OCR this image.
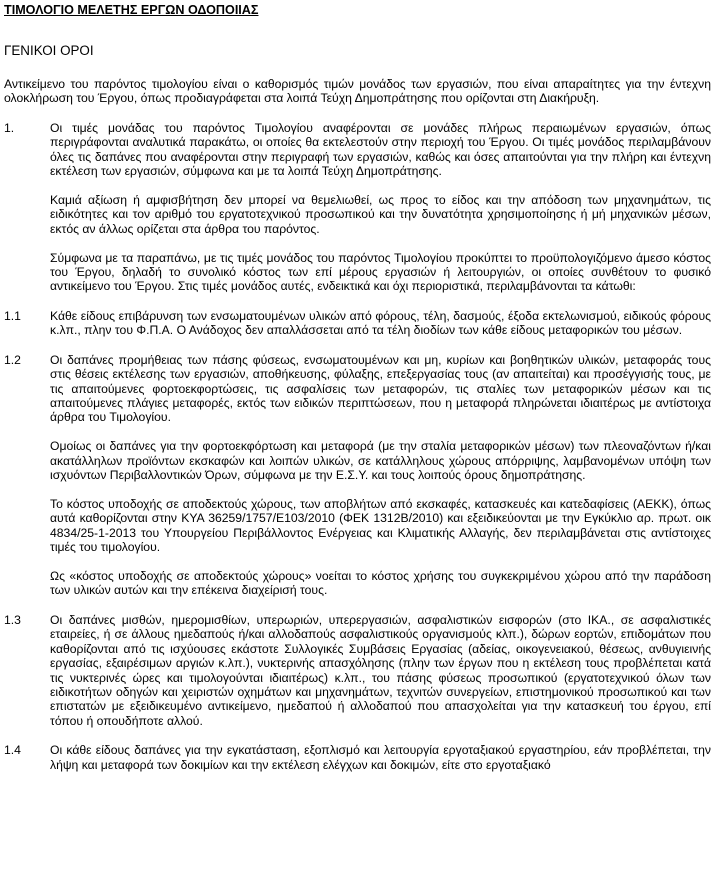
ΤΙΜΟΛΟΓΙΟ ΜΕΛΕΤΗΣ ΕΡΓΩΝ ΟΔΟΠΟΙΙΑΣ

ΓΕΝΙΚΟΙ ΟΡΟΙ

Αντικείμενο του παρόντος τιμολογίου είναι ο καθορισμός τιμών μονάδος των εργασιών, που είναι απαραίτητες για την έντεχνη ολοκλήρωση του Έργου, όπως προδιαγράφεται στα λοιπά Τεύχη Δημοπράτησης που ορίζονται στη Διακήρυξη.

1.	Οι τιμές μονάδας του παρόντος Τιμολογίου αναφέρονται σε μονάδες πλήρως περαιωμένων εργασιών, όπως περιγράφονται αναλυτικά παρακάτω, οι οποίες θα εκτελεστούν στην περιοχή του Έργου. Οι τιμές μονάδος περιλαμβάνουν όλες τις δαπάνες που αναφέρονται στην περιγραφή των εργασιών, καθώς και όσες απαιτούνται για την πλήρη και έντεχνη εκτέλεση των εργασιών, σύμφωνα και με τα λοιπά Τεύχη Δημοπράτησης.

Καμιά αξίωση ή αμφισβήτηση δεν μπορεί να θεμελιωθεί, ως προς το είδος και την απόδοση των μηχανημάτων, τις ειδικότητες και τον αριθμό του εργατοτεχνικού προσωπικού και την δυνατότητα χρησιμοποίησης ή μή μηχανικών μέσων, εκτός αν άλλως ορίζεται στα άρθρα του παρόντος.

Σύμφωνα με τα παραπάνω, με τις τιμές μονάδος του παρόντος Τιμολογίου προκύπτει το προϋπολογιζόμενο άμεσο κόστος του Έργου, δηλαδή το συνολικό κόστος των επί μέρους εργασιών ή λειτουργιών, οι οποίες συνθέτουν το φυσικό αντικείμενο του Έργου. Στις τιμές μονάδος αυτές, ενδεικτικά και όχι περιοριστικά, περιλαμβάνονται τα κάτωθι:

1.1	Κάθε είδους επιβάρυνση των ενσωματουμένων υλικών από φόρους, τέλη, δασμούς, έξοδα εκτελωνισμού, ειδικούς φόρους κ.λπ., πλην του Φ.Π.Α. Ο Ανάδοχος δεν απαλλάσσεται από τα τέλη διοδίων των κάθε είδους μεταφορικών του μέσων.

1.2	Οι δαπάνες προμήθειας των πάσης φύσεως, ενσωματουμένων και μη, κυρίων και βοηθητικών υλικών, μεταφοράς τους στις θέσεις εκτέλεσης των εργασιών, αποθήκευσης, φύλαξης, επεξεργασίας τους (αν απαιτείται) και προσέγγισής τους, με τις απαιτούμενες φορτοεκφορτώσεις, τις ασφαλίσεις των μεταφορών, τις σταλίες των μεταφορικών μέσων και τις απαιτούμενες πλάγιες μεταφορές, εκτός των ειδικών περιπτώσεων, που η μεταφορά πληρώνεται ιδιαιτέρως με αντίστοιχα άρθρα του Τιμολογίου.

Ομοίως οι δαπάνες για την φορτοεκφόρτωση και μεταφορά (με την σταλία μεταφορικών μέσων) των πλεοναζόντων ή/και ακατάλληλων προϊόντων εκσκαφών και λοιπών υλικών, σε κατάλληλους χώρους απόρριψης, λαμβανομένων υπόψη των ισχυόντων Περιβαλλοντικών Όρων, σύμφωνα με την Ε.Σ.Υ. και τους λοιπούς όρους δημοπράτησης.

Το κόστος υποδοχής σε αποδεκτούς χώρους, των αποβλήτων από εκσκαφές, κατασκευές και κατεδαφίσεις (ΑΕΚΚ), όπως αυτά καθορίζονται στην ΚΥΑ 36259/1757/Ε103/2010 (ΦΕΚ 1312Β/2010) και εξειδικεύονται με την Εγκύκλιο αρ. πρωτ. οικ 4834/25-1-2013 του Υπουργείου Περιβάλλοντος Ενέργειας και Κλιματικής Αλλαγής, δεν περιλαμβάνεται στις αντίστοιχες τιμές του τιμολογίου.

Ως «κόστος υποδοχής σε αποδεκτούς χώρους» νοείται το κόστος χρήσης του συγκεκριμένου χώρου από την παράδοση των υλικών αυτών και την επέκεινα διαχείρισή τους.

1.3	Οι δαπάνες μισθών, ημερομισθίων, υπερωριών, υπερεργασιών, ασφαλιστικών εισφορών (στο ΙΚΑ., σε ασφαλιστικές εταιρείες, ή σε άλλους ημεδαπούς ή/και αλλοδαπούς ασφαλιστικούς οργανισμούς κλπ.), δώρων εορτών, επιδομάτων που καθορίζονται από τις ισχύουσες εκάστοτε Συλλογικές Συμβάσεις Εργασίας (αδείας, οικογενειακού, θέσεως, ανθυγιεινής εργασίας, εξαιρέσιμων αργιών κ.λπ.), νυκτερινής απασχόλησης (πλην των έργων που η εκτέλεση τους προβλέπεται κατά τις νυκτερινές ώρες και τιμολογούνται ιδιαιτέρως) κ.λπ., του πάσης φύσεως προσωπικού (εργατοτεχνικού όλων των ειδικοτήτων οδηγών και χειριστών οχημάτων και μηχανημάτων, τεχνιτών συνεργείων, επιστημονικού προσωπικού και των επιστατών με εξειδικευμένο αντικείμενο, ημεδαπού ή αλλοδαπού που απασχολείται για την κατασκευή του έργου, επί τόπου ή οπουδήποτε αλλού.

1.4	Οι κάθε είδους δαπάνες για την εγκατάσταση, εξοπλισμό και λειτουργία εργοταξιακού εργαστηρίου, εάν προβλέπεται, την λήψη και μεταφορά των δοκιμίων και την εκτέλεση ελέγχων και δοκιμών, είτε στο εργοταξιακό
